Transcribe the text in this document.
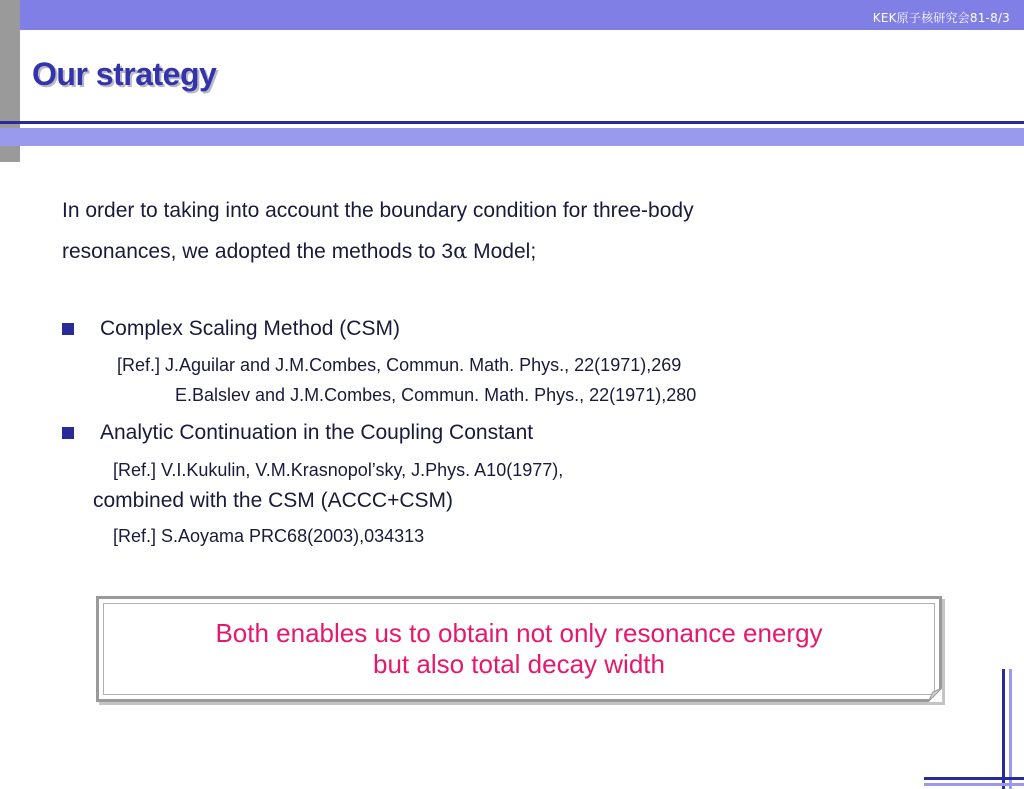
KEK原子核研究会81-8/3
Our strategy
In order to taking into account the boundary condition for three-body
resonances, we adopted the methods to 3α Model;
Complex Scaling Method (CSM)
[Ref.] J.Aguilar and J.M.Combes, Commun. Math. Phys., 22(1971),269
E.Balslev and J.M.Combes, Commun. Math. Phys., 22(1971),280
Analytic Continuation in the Coupling Constant
[Ref.] V.I.Kukulin, V.M.Krasnopol’sky, J.Phys. A10(1977),
combined with the CSM (ACCC+CSM)
[Ref.] S.Aoyama PRC68(2003),034313
Both enables us to obtain not only resonance energy
but also total decay width
